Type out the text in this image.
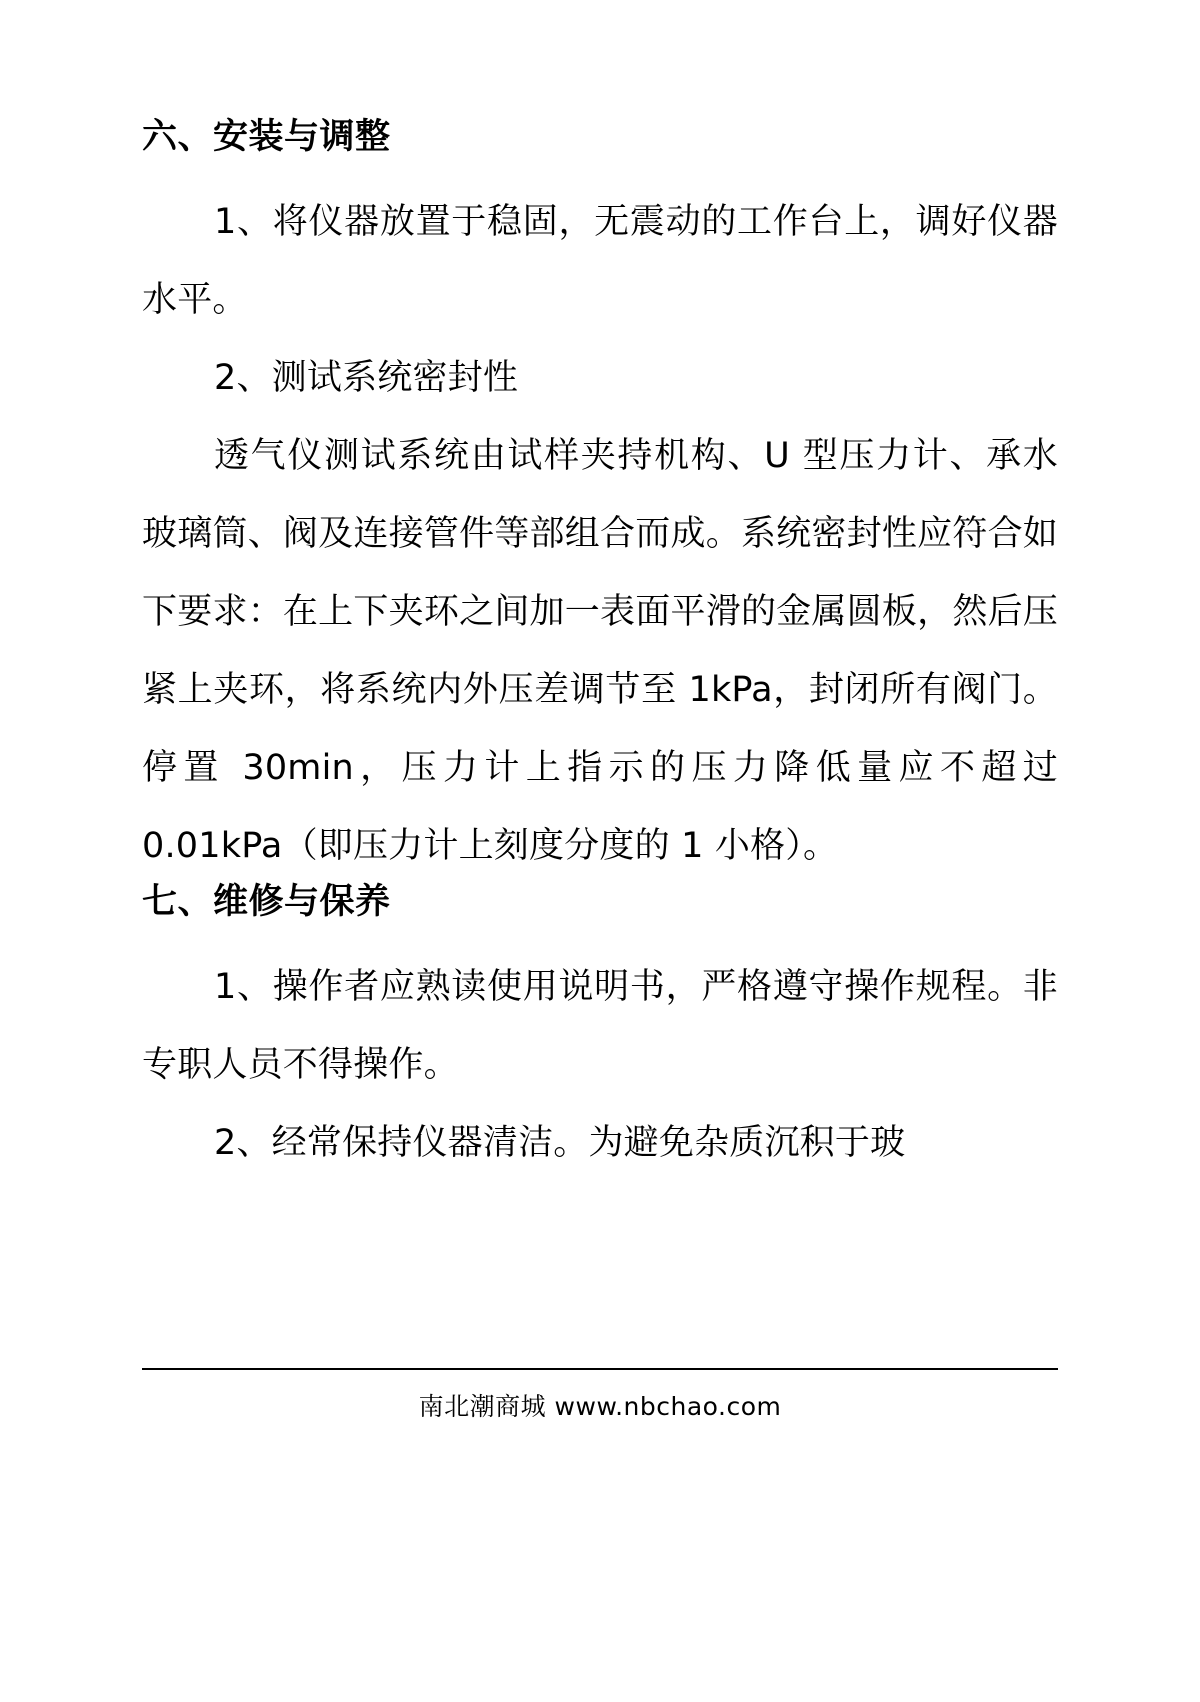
六、安装与调整

1、将仪器放置于稳固，无震动的工作台上，调好仪器水平。

2、测试系统密封性

透气仪测试系统由试样夹持机构、U 型压力计、承水玻璃筒、阀及连接管件等部组合而成。系统密封性应符合如下要求：在上下夹环之间加一表面平滑的金属圆板，然后压紧上夹环，将系统内外压差调节至 1kPa，封闭所有阀门。停置 30min，压力计上指示的压力降低量应不超过 0.01kPa（即压力计上刻度分度的 1 小格）。

七、维修与保养

1、操作者应熟读使用说明书，严格遵守操作规程。非专职人员不得操作。

2、经常保持仪器清洁。为避免杂质沉积于玻

南北潮商城 www.nbchao.com
